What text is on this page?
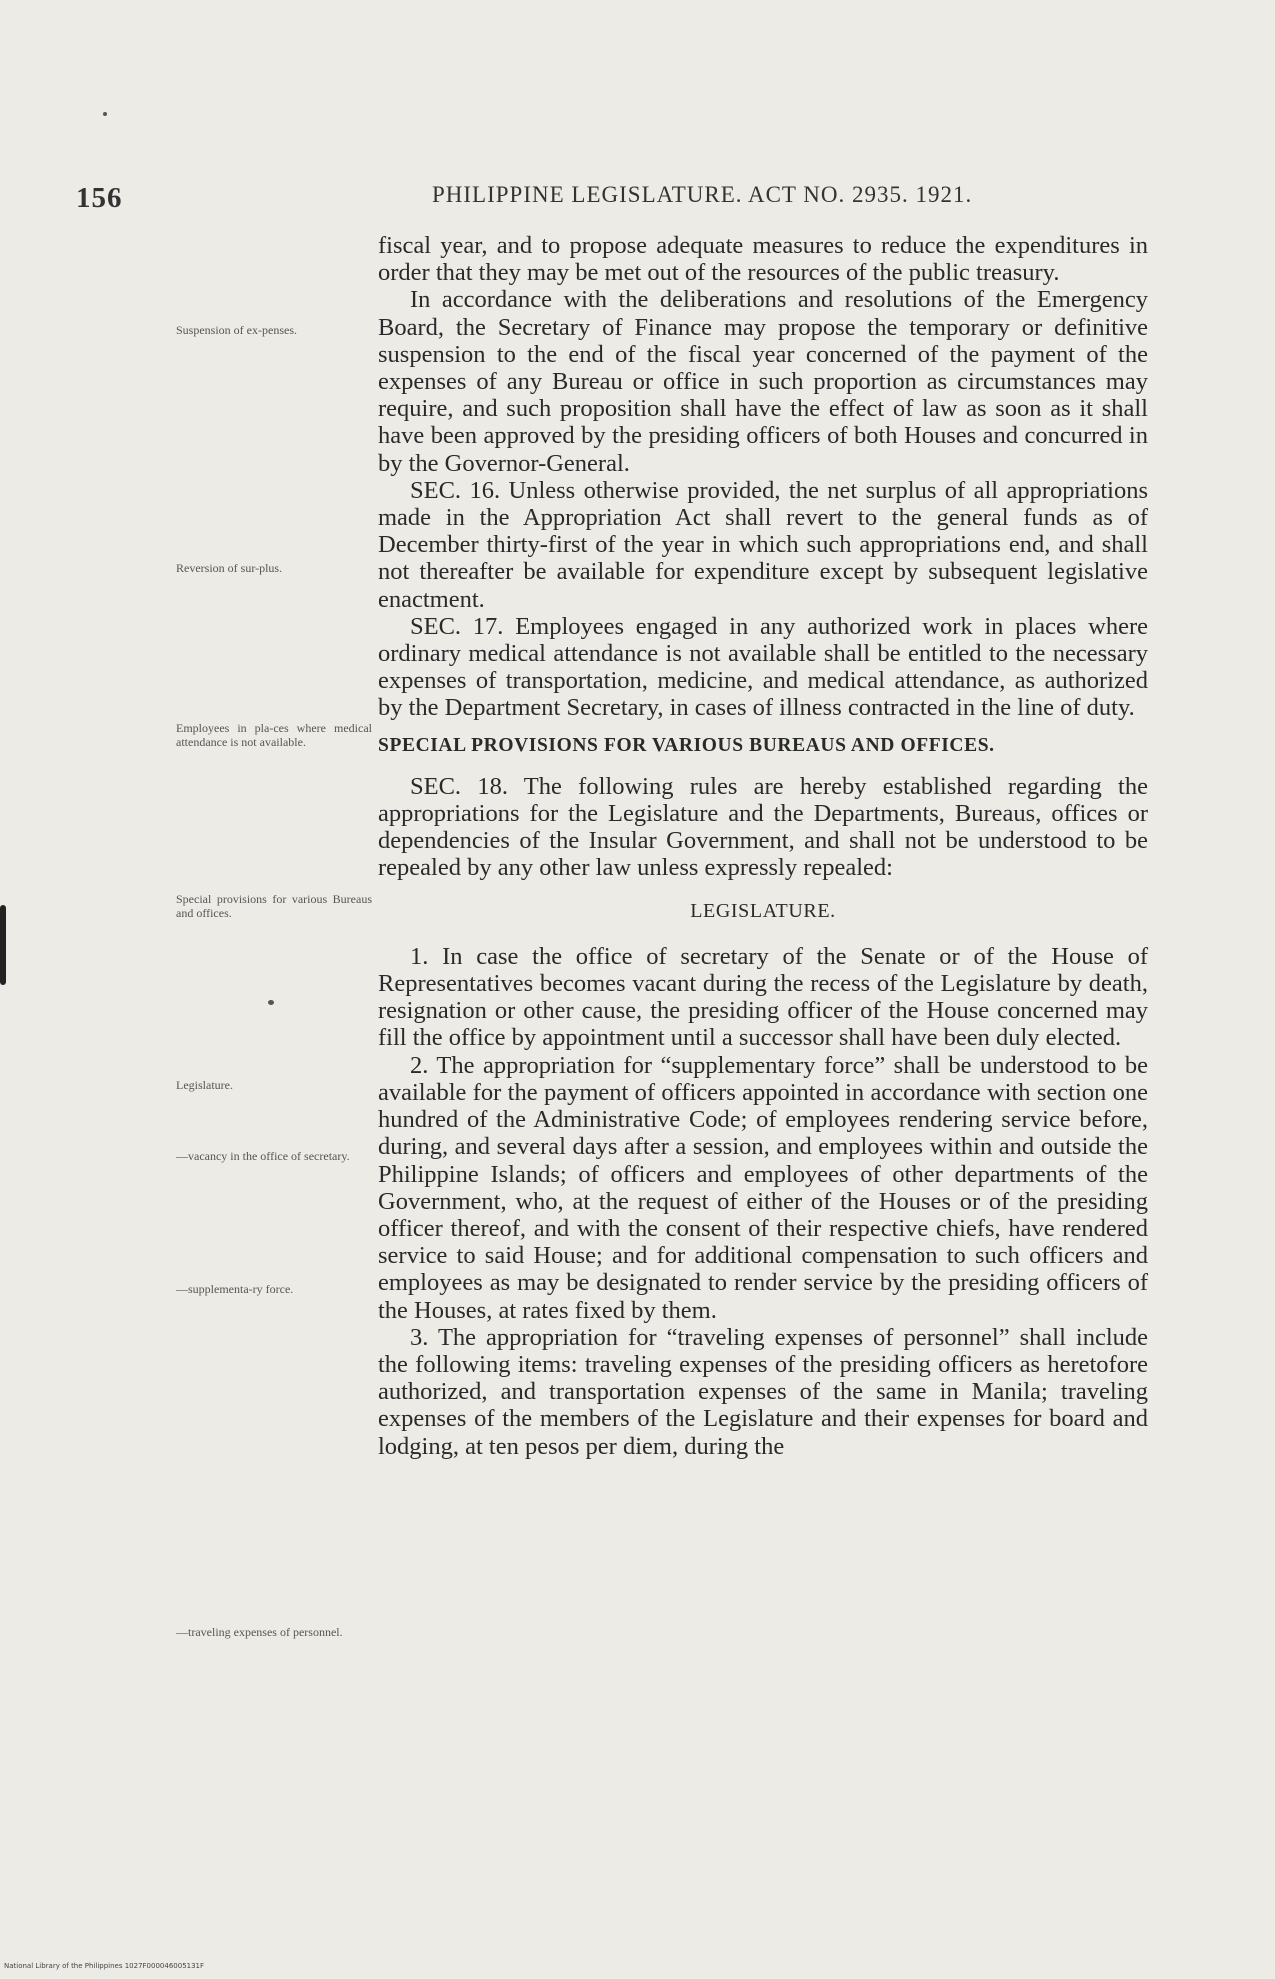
156	PHILIPPINE LEGISLATURE. ACT NO. 2935. 1921.
Suspension of ex-penses.
Reversion of sur-plus.
Employees in pla-ces where medical attendance is not available.
Special provisions for various Bureaus and offices.
Legislature.
—vacancy in the office of secretary.
—supplementa-ry force.
—traveling expenses of personnel.

fiscal year, and to propose adequate measures to reduce the expenditures in order that they may be met out of the resources of the public treasury.

In accordance with the deliberations and resolutions of the Emergency Board, the Secretary of Finance may propose the temporary or definitive suspension to the end of the fiscal year concerned of the payment of the expenses of any Bureau or office in such proportion as circumstances may require, and such proposition shall have the effect of law as soon as it shall have been approved by the presiding officers of both Houses and concurred in by the Governor-General.

SEC. 16. Unless otherwise provided, the net surplus of all appropriations made in the Appropriation Act shall revert to the general funds as of December thirty-first of the year in which such appropriations end, and shall not thereafter be available for expenditure except by subsequent legislative enactment.

SEC. 17. Employees engaged in any authorized work in places where ordinary medical attendance is not available shall be entitled to the necessary expenses of transportation, medicine, and medical attendance, as authorized by the Department Secretary, in cases of illness contracted in the line of duty.

SPECIAL PROVISIONS FOR VARIOUS BUREAUS AND OFFICES.

SEC. 18. The following rules are hereby established regarding the appropriations for the Legislature and the Departments, Bureaus, offices or dependencies of the Insular Government, and shall not be understood to be repealed by any other law unless expressly repealed:

LEGISLATURE.

1. In case the office of secretary of the Senate or of the House of Representatives becomes vacant during the recess of the Legislature by death, resignation or other cause, the presiding officer of the House concerned may fill the office by appointment until a successor shall have been duly elected.

2. The appropriation for “supplementary force” shall be understood to be available for the payment of officers appointed in accordance with section one hundred of the Administrative Code; of employees rendering service before, during, and several days after a session, and employees within and outside the Philippine Islands; of officers and employees of other departments of the Government, who, at the request of either of the Houses or of the presiding officer thereof, and with the consent of their respective chiefs, have rendered service to said House; and for additional compensation to such officers and employees as may be designated to render service by the presiding officers of the Houses, at rates fixed by them.

3. The appropriation for “traveling expenses of personnel” shall include the following items: traveling expenses of the presiding officers as heretofore authorized, and transportation expenses of the same in Manila; traveling expenses of the members of the Legislature and their expenses for board and lodging, at ten pesos per diem, during the

National Library of the Philippines 1027F000046005131F
